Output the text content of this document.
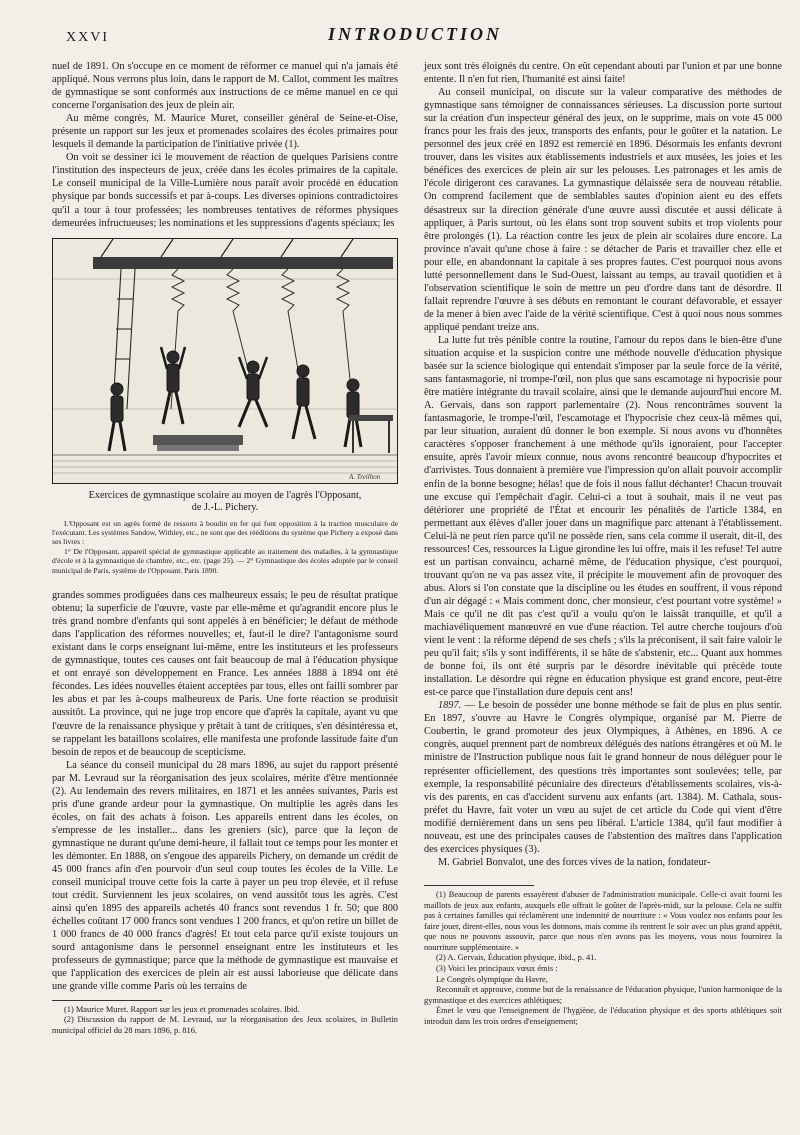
XXVI	INTRODUCTION

nuel de 1891. On s'occupe en ce moment de réformer ce manuel qui n'a jamais été appliqué. Nous verrons plus loin, dans le rapport de M. Callot, comment les maîtres de gymnastique se sont conformés aux instructions de ce même manuel en ce qui concerne l'organisation des jeux de plein air.

Au même congrès, M. Maurice Muret, conseiller général de Seine-et-Oise, présente un rapport sur les jeux et promenades scolaires des écoles primaires pour lesquels il demande la participation de l'initiative privée (1).

On voit se dessiner ici le mouvement de réaction de quelques Parisiens contre l'institution des inspecteurs de jeux, créée dans les écoles primaires de la capitale. Le conseil municipal de la Ville-Lumière nous paraît avoir procédé en éducation physique par bonds successifs et par à-coups. Les diverses opinions contradictoires qu'il a tour à tour professées; les nombreuses tentatives de réformes physiques demeurées infructueuses; les nominations et les suppressions d'agents spéciaux; les

A. Treilhon
Exercices de gymnastique scolaire au moyen de l'agrès l'Opposant,
de J.-L. Pichery.

L'Opposant est un agrès formé de ressorts à boudin en fer qui font opposition à la traction musculaire de l'exécutant. Les systèmes Sandow, Withley, etc., ne sont que des rééditions du système que Pichery a exposé dans ses livres :

1° De l'Opposant, appareil spécial de gymnastique applicable au traitement des maladies, à la gymnastique d'école et à la gymnastique de chambre, etc., etc. (page 25). — 2° Gymnastique des écoles adoptée par le conseil municipal de Paris, système de l'Opposant. Paris 1890.

grandes sommes prodiguées dans ces malheureux essais; le peu de résultat pratique obtenu; la superficie de l'œuvre, vaste par elle-même et qu'agrandit encore plus le très grand nombre d'enfants qui sont appelés à en bénéficier; le défaut de méthode dans l'application des réformes nouvelles; et, faut-il le dire? l'antagonisme sourd existant dans le corps enseignant lui-même, entre les instituteurs et les professeurs de gymnastique, toutes ces causes ont fait beaucoup de mal à l'éducation physique et ont enrayé son développement en France. Les années 1888 à 1894 ont été fécondes. Les idées nouvelles étaient acceptées par tous, elles ont failli sombrer par les abus et par les à-coups malheureux de Paris. Une forte réaction se produisit aussitôt. La province, qui ne juge trop encore que d'après la capitale, ayant vu que l'œuvre de la renaissance physique y prêtait à tant de critiques, s'en désintéressa et, se rappelant les bataillons scolaires, elle manifesta une profonde lassitude faite d'un besoin de repos et de beaucoup de scepticisme.

La séance du conseil municipal du 28 mars 1896, au sujet du rapport présenté par M. Levraud sur la réorganisation des jeux scolaires, mérite d'être mentionnée (2). Au lendemain des revers militaires, en 1871 et les années suivantes, Paris est pris d'une grande ardeur pour la gymnastique. On multiplie les agrès dans les écoles, on fait des achats à foison. Les appareils entrent dans les écoles, on s'empresse de les installer... dans les greniers (sic), parce que la leçon de gymnastique ne durant qu'une demi-heure, il fallait tout ce temps pour les monter et les démonter. En 1888, on s'engoue des appareils Pichery, on demande un crédit de 45 000 francs afin d'en pourvoir d'un seul coup toutes les écoles de la Ville. Le conseil municipal trouve cette fois la carte à payer un peu trop élevée, et il refuse tout crédit. Surviennent les jeux scolaires, on vend aussitôt tous les agrès. C'est ainsi qu'en 1895 des appareils achetés 40 francs sont revendus 1 fr. 50; que 800 échelles coûtant 17 000 francs sont vendues 1 200 francs, et qu'on retire un billet de 1 000 francs de 40 000 francs d'agrès! Et tout cela parce qu'il existe toujours un sourd antagonisme dans le personnel enseignant entre les instituteurs et les professeurs de gymnastique; parce que la méthode de gymnastique est mauvaise et que l'application des exercices de plein air est aussi laborieuse que délicate dans une grande ville comme Paris où les terrains de

(1) Maurice Muret. Rapport sur les jeux et promenades scolaires. Ibid.

(2) Discussion du rapport de M. Levraud, sur la réorganisation des Jeux scolaires, in Bulletin municipal officiel du 28 mars 1896, p. 816.

jeux sont très éloignés du centre. On eût cependant abouti par l'union et par une bonne entente. Il n'en fut rien, l'humanité est ainsi faite!

Au conseil municipal, on discute sur la valeur comparative des méthodes de gymnastique sans témoigner de connaissances sérieuses. La discussion porte surtout sur la création d'un inspecteur général des jeux, on le supprime, mais on vote 45 000 francs pour les frais des jeux, transports des enfants, pour le goûter et la natation. Le personnel des jeux créé en 1892 est remercié en 1896. Désormais les enfants devront trouver, dans les visites aux établissements industriels et aux musées, les joies et les bénéfices des exercices de plein air sur les pelouses. Les patronages et les amis de l'école dirigeront ces caravanes. La gymnastique délaissée sera de nouveau rétablie. On comprend facilement que de semblables sautes d'opinion aient eu des effets désastreux sur la direction générale d'une œuvre aussi discutée et aussi délicate à appliquer, à Paris surtout, où les élans sont trop souvent subits et trop violents pour être prolongés (1). La réaction contre les jeux de plein air scolaires dure encore. La province n'avait qu'une chose à faire : se détacher de Paris et travailler chez elle et pour elle, en abandonnant la capitale à ses propres fautes. C'est pourquoi nous avons lutté personnellement dans le Sud-Ouest, laissant au temps, au travail quotidien et à l'observation scientifique le soin de mettre un peu d'ordre dans tant de désordre. Il fallait reprendre l'œuvre à ses débuts en remontant le courant défavorable, et essayer de la mener à bien avec l'aide de la vérité scientifique. C'est à quoi nous nous sommes appliqué pendant treize ans.

La lutte fut très pénible contre la routine, l'amour du repos dans le bien-être d'une situation acquise et la suspicion contre une méthode nouvelle d'éducation physique basée sur la science biologique qui entendait s'imposer par la seule force de la vérité, sans fantasmagorie, ni trompe-l'œil, non plus que sans escamotage ni hypocrisie pour être matière intégrante du travail scolaire, ainsi que le demande aujourd'hui encore M. A. Gervais, dans son rapport parlementaire (2). Nous rencontrâmes souvent la fantasmagorie, le trompe-l'œil, l'escamotage et l'hypocrisie chez ceux-là mêmes qui, par leur situation, auraient dû donner le bon exemple. Si nous avons vu d'honnêtes caractères s'opposer franchement à une méthode qu'ils ignoraient, pour l'accepter ensuite, après l'avoir mieux connue, nous avons rencontré beaucoup d'hypocrites et d'arrivistes. Tous donnaient à première vue l'impression qu'on allait pouvoir accomplir enfin de la bonne besogne; hélas! que de fois il nous fallut déchanter! Chacun trouvait une excuse qui l'empêchait d'agir. Celui-ci a tout à souhait, mais il ne veut pas détériorer une propriété de l'État et encourir les pénalités de l'article 1384, en permettant aux élèves d'aller jouer dans un magnifique parc attenant à l'établissement. Celui-là ne peut rien parce qu'il ne possède rien, sans cela comme il userait, dit-il, des ressources! Ces, ressources la Ligue girondine les lui offre, mais il les refuse! Tel autre est un partisan convaincu, acharné même, de l'éducation physique, c'est pourquoi, trouvant qu'on ne va pas assez vite, il précipite le mouvement afin de provoquer des abus. Alors si l'on constate que la discipline ou les études en souffrent, il vous répond d'un air dégagé : « Mais comment donc, cher monsieur, c'est pourtant votre système! » Mais ce qu'il ne dit pas c'est qu'il a voulu qu'on le laissât tranquille, et qu'il a machiavéliquement manœuvré en vue d'une réaction. Tel autre cherche toujours d'où vient le vent : la réforme dépend de ses chefs ; s'ils la préconisent, il sait faire valoir le peu qu'il fait; s'ils y sont indifférents, il se hâte de s'abstenir, etc... Quant aux hommes de bonne foi, ils ont été surpris par le désordre inévitable qui précède toute installation. Le désordre qui règne en éducation physique est grand encore, peut-être est-ce parce que l'installation dure depuis cent ans!

1897. — Le besoin de posséder une bonne méthode se fait de plus en plus sentir. En 1897, s'ouvre au Havre le Congrès olympique, organisé par M. Pierre de Coubertin, le grand promoteur des jeux Olympiques, à Athènes, en 1896. A ce congrès, auquel prennent part de nombreux délégués des nations étrangères et où M. le ministre de l'Instruction publique nous fait le grand honneur de nous déléguer pour le représenter officiellement, des questions très importantes sont soulevées; telle, par exemple, la responsabilité pécuniaire des directeurs d'établissements scolaires, vis-à-vis des parents, en cas d'accident survenu aux enfants (art. 1384). M. Cathala, sous-préfet du Havre, fait voter un vœu au sujet de cet article du Code qui vient d'être modifié dernièrement dans un sens peu libéral. L'article 1384, qu'il faut modifier à nouveau, est une des principales causes de l'abstention des maîtres dans l'application des exercices physiques (3).

M. Gabriel Bonvalot, une des forces vives de la nation, fondateur-

(1) Beaucoup de parents essayèrent d'abuser de l'administration municipale. Celle-ci avait fourni les maillots de jeux aux enfants, auxquels elle offrait le goûter de l'après-midi, sur la pelouse. Cela ne suffit pas à certaines familles qui réclamèrent une indemnité de nourriture : « Vous voulez nos enfants pour les faire jouer, dirent-elles, nous vous les donnons, mais comme ils rentrent le soir avec un plus grand appétit, que nous ne pouvons assouvir, parce que nous n'en avons pas les moyens, vous nous fournirez la nourriture supplémentaire. »

(2) A. Gervais, Éducation physique, ibid., p. 41.

(3) Voici les principaux vœux émis :

Le Congrès olympique du Havre,

Reconnaît et approuve, comme but de la renaissance de l'éducation physique, l'union harmonique de la gymnastique et des exercices athlétiques;

Émet le vœu que l'enseignement de l'hygiène, de l'éducation physique et des sports athlétiques soit introduit dans les trois ordres d'enseignement;
